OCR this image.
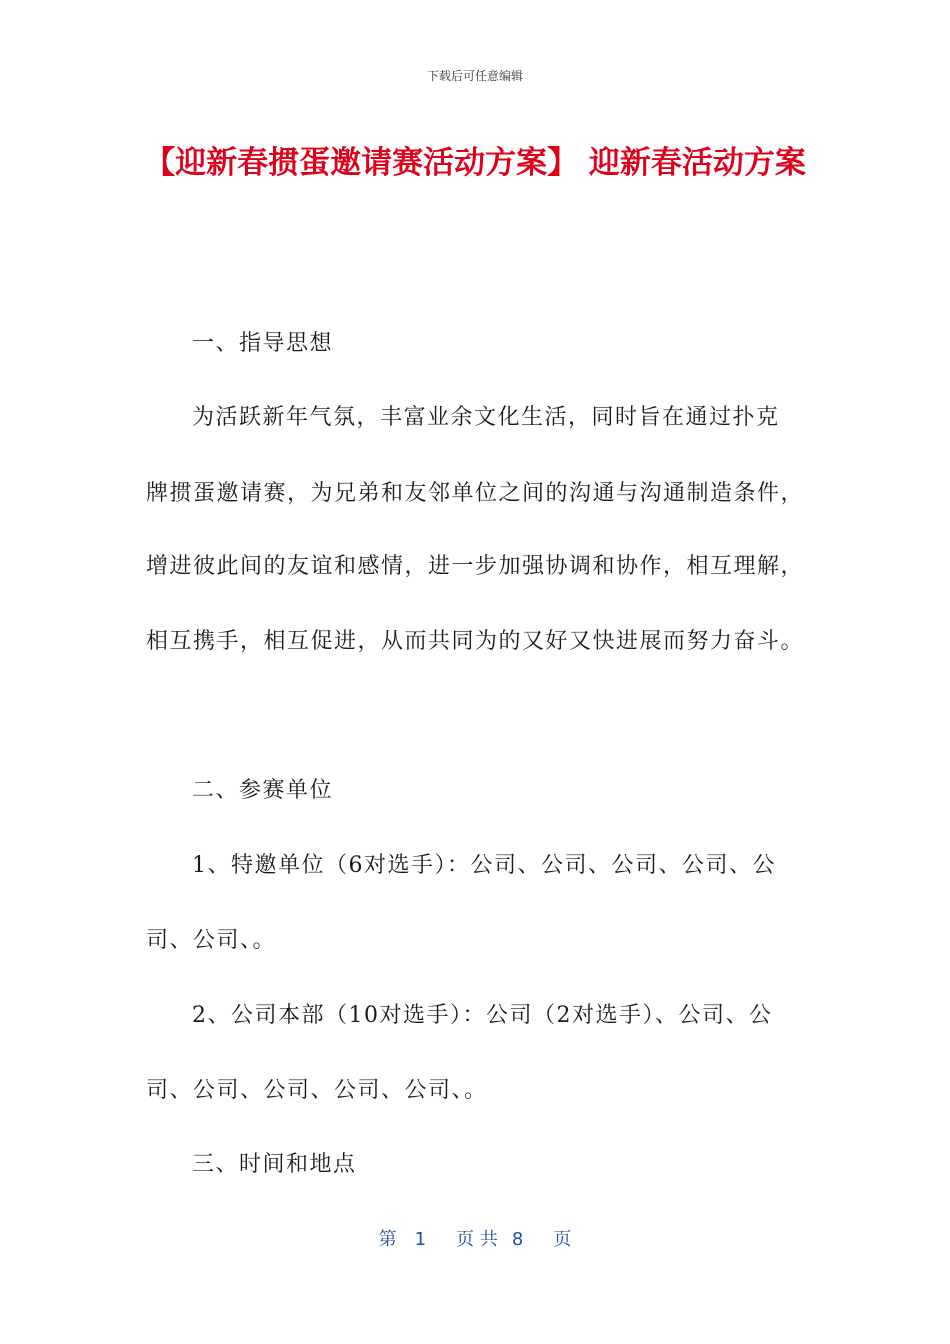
下载后可任意编辑
【迎新春掼蛋邀请赛活动方案】 迎新春活动方案
一、指导思想
为活跃新年气氛，丰富业余文化生活，同时旨在通过扑克
牌掼蛋邀请赛，为兄弟和友邻单位之间的沟通与沟通制造条件，
增进彼此间的友谊和感情，进一步加强协调和协作，相互理解，
相互携手，相互促进，从而共同为的又好又快进展而努力奋斗。
二、参赛单位
1、特邀单位（6对选手）：公司、公司、公司、公司、公
司、公司、。
2、公司本部（10对选手）：公司（2对选手）、公司、公
司、公司、公司、公司、公司、。
三、时间和地点
第 1 页 共 8 页
